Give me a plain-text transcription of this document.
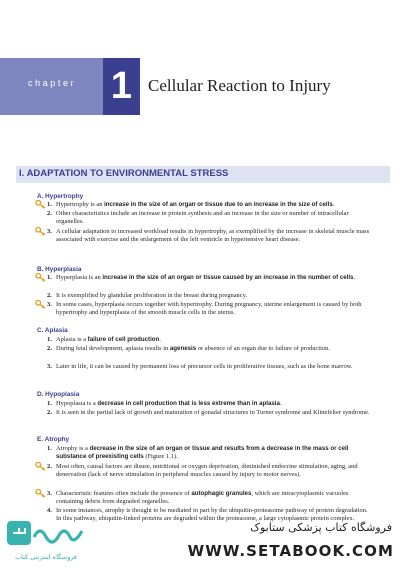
chapter 1 Cellular Reaction to Injury
I. ADAPTATION TO ENVIRONMENTAL STRESS
A. Hypertrophy
1. Hypertrophy is an increase in the size of an organ or tissue due to an increase in the size of cells.
2. Other characteristics include an increase in protein synthesis and an increase in the size or number of intracellular organelles.
3. A cellular adaptation to increased workload results in hypertrophy, as exemplified by the increase in skeletal muscle mass associated with exercise and the enlargement of the left ventricle in hypertensive heart disease.
B. Hyperplasia
1. Hyperplasia is an increase in the size of an organ or tissue caused by an increase in the number of cells.
2. It is exemplified by glandular proliferation in the breast during pregnancy.
3. In some cases, hyperplasia occurs together with hypertrophy. During pregnancy, uterine enlargement is caused by both hypertrophy and hyperplasia of the smooth muscle cells in the uterus.
C. Aplasia
1. Aplasia is a failure of cell production.
2. During fetal development, aplasia results in agenesis or absence of an organ due to failure of production.
3. Later in life, it can be caused by permanent loss of precursor cells in proliferative tissues, such as the bone marrow.
D. Hypoplasia
1. Hypoplasia is a decrease in cell production that is less extreme than in aplasia.
2. It is seen in the partial lack of growth and maturation of gonadal structures in Turner syndrome and Klinefelter syndrome.
E. Atrophy
1. Atrophy is a decrease in the size of an organ or tissue and results from a decrease in the mass or cell substance of preexisting cells (Figure 1.1).
2. Most often, causal factors are disuse, nutritional or oxygen deprivation, diminished endocrine stimulation, aging, and denervation (lack of nerve stimulation in peripheral muscles caused by injury to motor nerves).
3. Characteristic features often include the presence of autophagic granules, which are intracytoplasmic vacuoles containing debris from degraded organelles.
4. In some instances, atrophy is thought to be mediated in part by the ubiquitin-proteasome pathway of protein degradation. In this pathway, ubiquitin-linked proteins are degraded within the proteasome, a large cytoplasmic protein complex.
فروشگاه اینترنتی کتاب
فروشگاه کتاب پزشکی ستابوک
WWW.SETABOOK.COM
